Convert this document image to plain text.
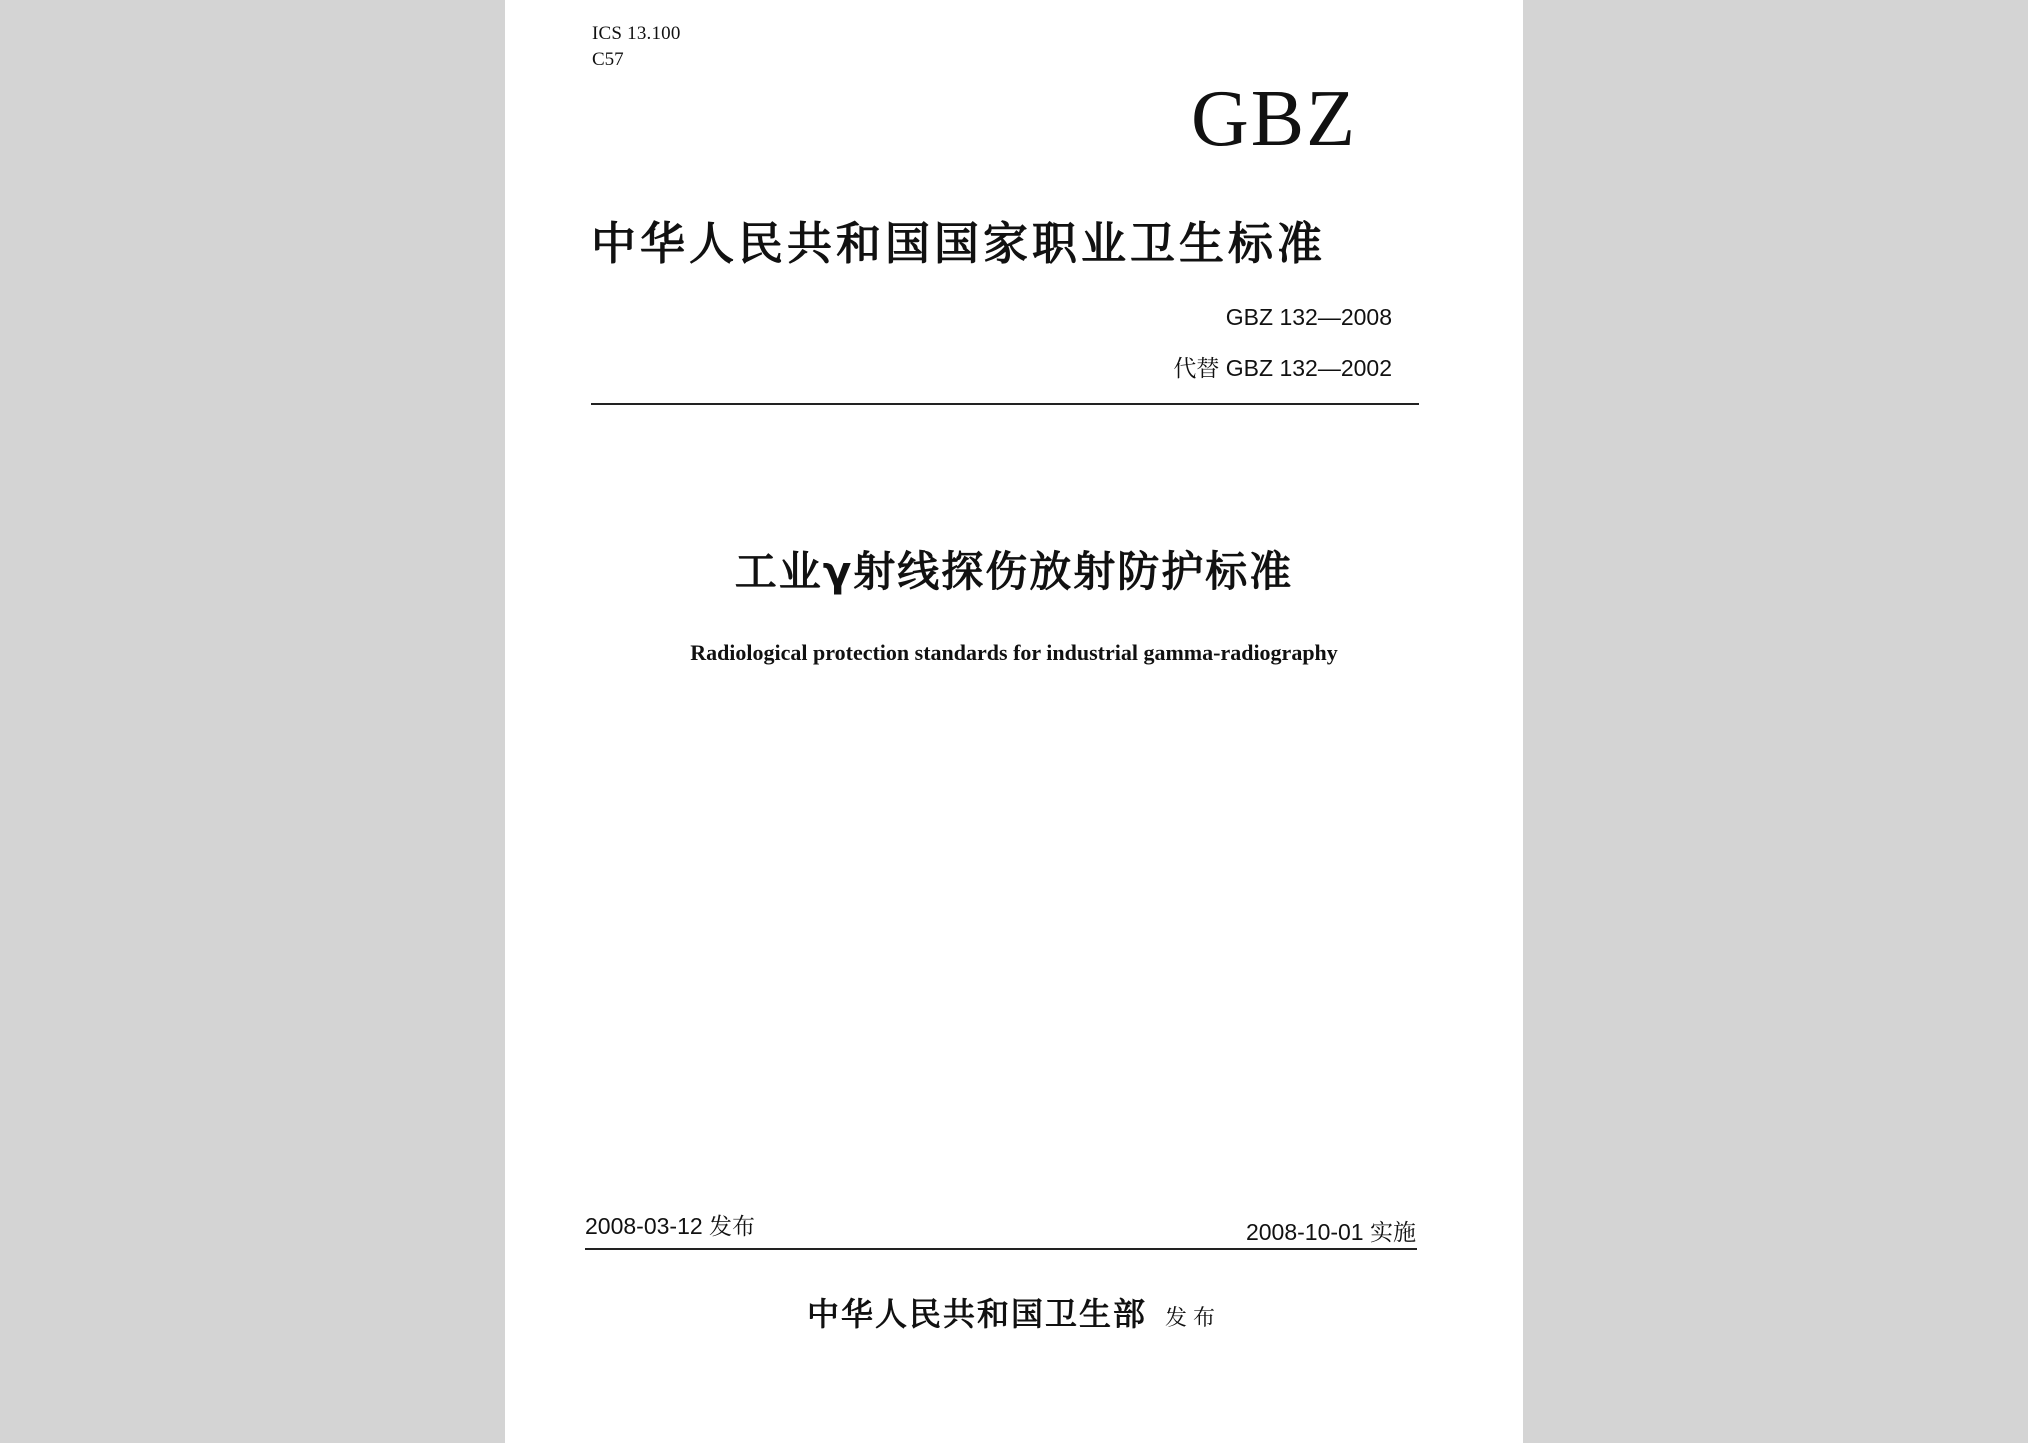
ICS 13.100
C57
GBZ
中华人民共和国国家职业卫生标准
GBZ 132—2008
代替 GBZ 132—2002
工业γ射线探伤放射防护标准
Radiological protection standards for industrial gamma-radiography
2008-03-12 发布	2008-10-01 实施
中华人民共和国卫生部 发布
